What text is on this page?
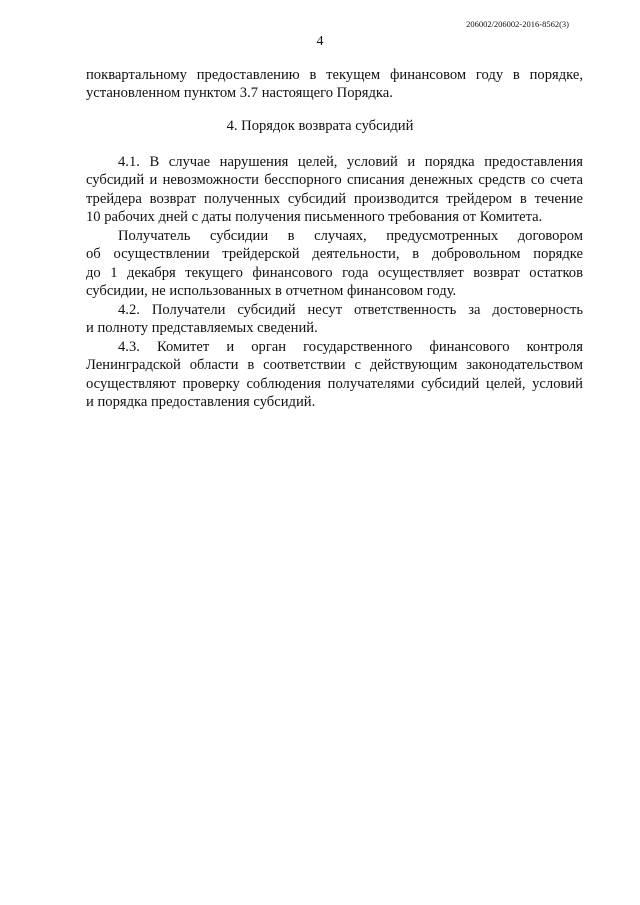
206002/206002-2016-8562(3)
4
поквартальному предоставлению в текущем финансовом году в порядке,
установленном пунктом 3.7 настоящего Порядка.
4. Порядок возврата субсидий
4.1. В случае нарушения целей, условий и порядка предоставления
субсидий и невозможности бесспорного списания денежных средств со счета
трейдера возврат полученных субсидий производится трейдером в течение
10 рабочих дней с даты получения письменного требования от Комитета.
Получатель субсидии в случаях, предусмотренных договором
об осуществлении трейдерской деятельности, в добровольном порядке
до 1 декабря текущего финансового года осуществляет возврат остатков
субсидии, не использованных в отчетном финансовом году.
4.2. Получатели субсидий несут ответственность за достоверность
и полноту представляемых сведений.
4.3. Комитет и орган государственного финансового контроля
Ленинградской области в соответствии с действующим законодательством
осуществляют проверку соблюдения получателями субсидий целей, условий
и порядка предоставления субсидий.
